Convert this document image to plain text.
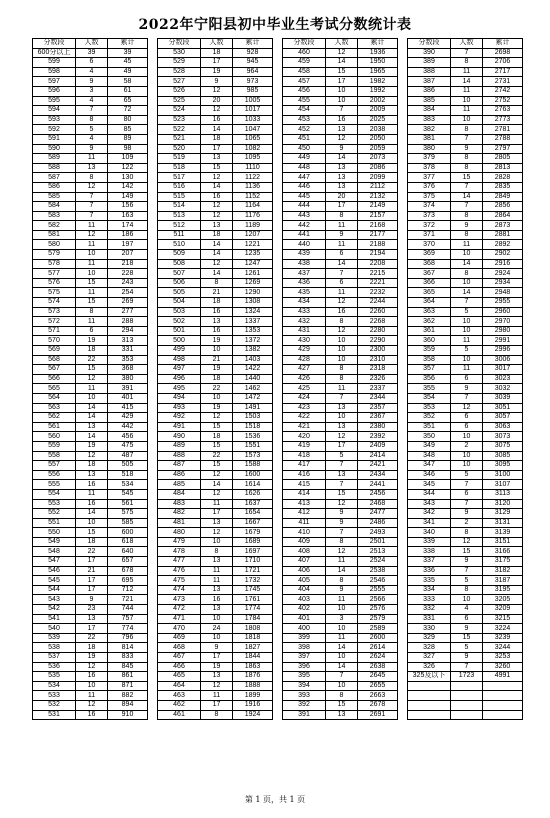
2022年宁阳县初中毕业生考试分数统计表
分数段	人数	累计
600分以上	39	39
599	6	45
598	4	49
597	9	58
596	3	61
595	4	65
594	7	72
593	8	80
592	5	85
591	4	89
590	9	98
589	11	109
588	13	122
587	8	130
586	12	142
585	7	149
584	7	156
583	7	163
582	11	174
581	12	186
580	11	197
579	10	207
578	11	218
577	10	228
576	15	243
575	11	254
574	15	269
573	8	277
572	11	288
571	6	294
570	19	313
569	18	331
568	22	353
567	15	368
566	12	380
565	11	391
564	10	401
563	14	415
562	14	429
561	13	442
560	14	456
559	19	475
558	12	487
557	18	505
556	13	518
555	16	534
554	11	545
553	16	561
552	14	575
551	10	585
550	15	600
549	18	618
548	22	640
547	17	657
546	21	678
545	17	695
544	17	712
543	9	721
542	23	744
541	13	757
540	17	774
539	22	796
538	18	814
537	19	833
536	12	845
535	16	861
534	10	871
533	11	882
532	12	894
531	16	910
分数段	人数	累计
530	18	928
529	17	945
528	19	964
527	9	973
526	12	985
525	20	1005
524	12	1017
523	16	1033
522	14	1047
521	18	1065
520	17	1082
519	13	1095
518	15	1110
517	12	1122
516	14	1136
515	16	1152
514	12	1164
513	12	1176
512	13	1189
511	18	1207
510	14	1221
509	14	1235
508	12	1247
507	14	1261
506	8	1269
505	21	1290
504	18	1308
503	16	1324
502	13	1337
501	16	1353
500	19	1372
499	10	1382
498	21	1403
497	19	1422
496	18	1440
495	22	1462
494	10	1472
493	19	1491
492	12	1503
491	15	1518
490	18	1536
489	15	1551
488	22	1573
487	15	1588
486	12	1600
485	14	1614
484	12	1626
483	11	1637
482	17	1654
481	13	1667
480	12	1679
479	10	1689
478	8	1697
477	13	1710
476	11	1721
475	11	1732
474	13	1745
473	16	1761
472	13	1774
471	10	1784
470	24	1808
469	10	1818
468	9	1827
467	17	1844
466	19	1863
465	13	1876
464	12	1888
463	11	1899
462	17	1916
461	8	1924
分数段	人数	累计
460	12	1936
459	14	1950
458	15	1965
457	17	1982
456	10	1992
455	10	2002
454	7	2009
453	16	2025
452	13	2038
451	12	2050
450	9	2059
449	14	2073
448	13	2086
447	13	2099
446	13	2112
445	20	2132
444	17	2149
443	8	2157
442	11	2168
441	9	2177
440	11	2188
439	6	2194
438	14	2208
437	7	2215
436	6	2221
435	11	2232
434	12	2244
433	16	2260
432	8	2268
431	12	2280
430	10	2290
429	10	2300
428	10	2310
427	8	2318
426	8	2326
425	11	2337
424	7	2344
423	13	2357
422	10	2367
421	13	2380
420	12	2392
419	17	2409
418	5	2414
417	7	2421
416	13	2434
415	7	2441
414	15	2456
413	12	2468
412	9	2477
411	9	2486
410	7	2493
409	8	2501
408	12	2513
407	11	2524
406	14	2538
405	8	2546
404	9	2555
403	11	2566
402	10	2576
401	3	2579
400	10	2589
399	11	2600
398	14	2614
397	10	2624
396	14	2638
395	7	2645
394	10	2655
393	8	2663
392	15	2678
391	13	2691
分数段	人数	累计
390	7	2698
389	8	2706
388	11	2717
387	14	2731
386	11	2742
385	10	2752
384	11	2763
383	10	2773
382	8	2781
381	7	2788
380	9	2797
379	8	2805
378	8	2813
377	15	2828
376	7	2835
375	14	2849
374	7	2856
373	8	2864
372	9	2873
371	8	2881
370	11	2892
369	10	2902
368	14	2916
367	8	2924
366	10	2934
365	14	2948
364	7	2955
363	5	2960
362	10	2970
361	10	2980
360	11	2991
359	5	2996
358	10	3006
357	11	3017
356	6	3023
355	9	3032
354	7	3039
353	12	3051
352	6	3057
351	6	3063
350	10	3073
349	2	3075
348	10	3085
347	10	3095
346	5	3100
345	7	3107
344	6	3113
343	7	3120
342	9	3129
341	2	3131
340	8	3139
339	12	3151
338	15	3166
337	9	3175
336	7	3182
335	5	3187
334	8	3195
333	10	3205
332	4	3209
331	6	3215
330	9	3224
329	15	3239
328	5	3244
327	9	3253
326	7	3260
325及以下	1723	4991

第 1 页，共 1 页
